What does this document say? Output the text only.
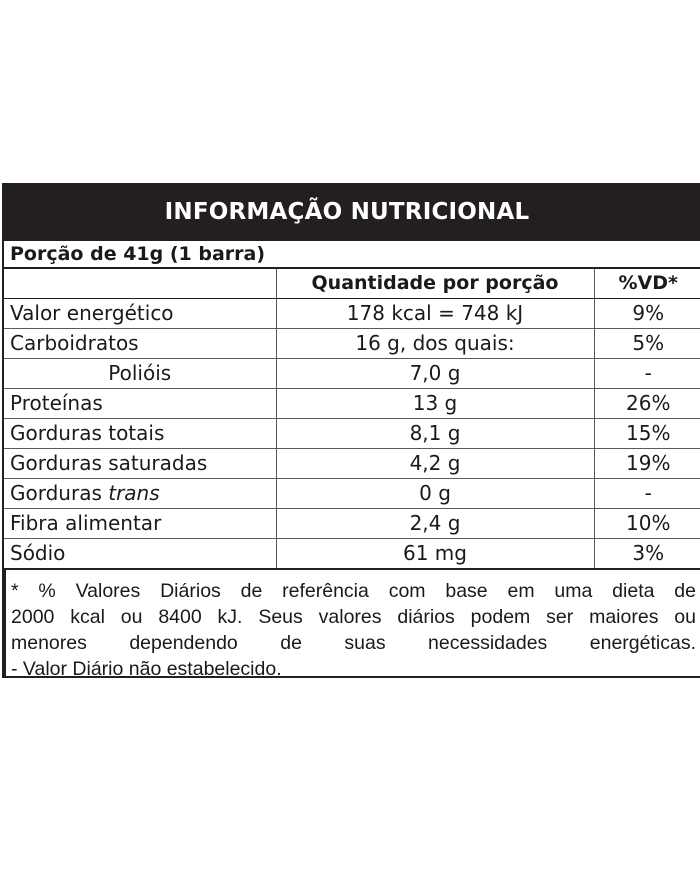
INFORMAÇÃO NUTRICIONAL
Porção de 41g (1 barra)
	Quantidade por porção	%VD*
Valor energético	178 kcal = 748 kJ	9%
Carboidratos	16 g, dos quais:	5%
Polióis	7,0 g	-
Proteínas	13 g	26%
Gorduras totais	8,1 g	15%
Gorduras saturadas	4,2 g	19%
Gorduras trans	0 g	-
Fibra alimentar	2,4 g	10%
Sódio	61 mg	3%

* % Valores Diários de referência com base em uma dieta de

2000 kcal ou 8400 kJ. Seus valores diários podem ser maiores ou

menores dependendo de suas necessidades energéticas.

- Valor Diário não estabelecido.
